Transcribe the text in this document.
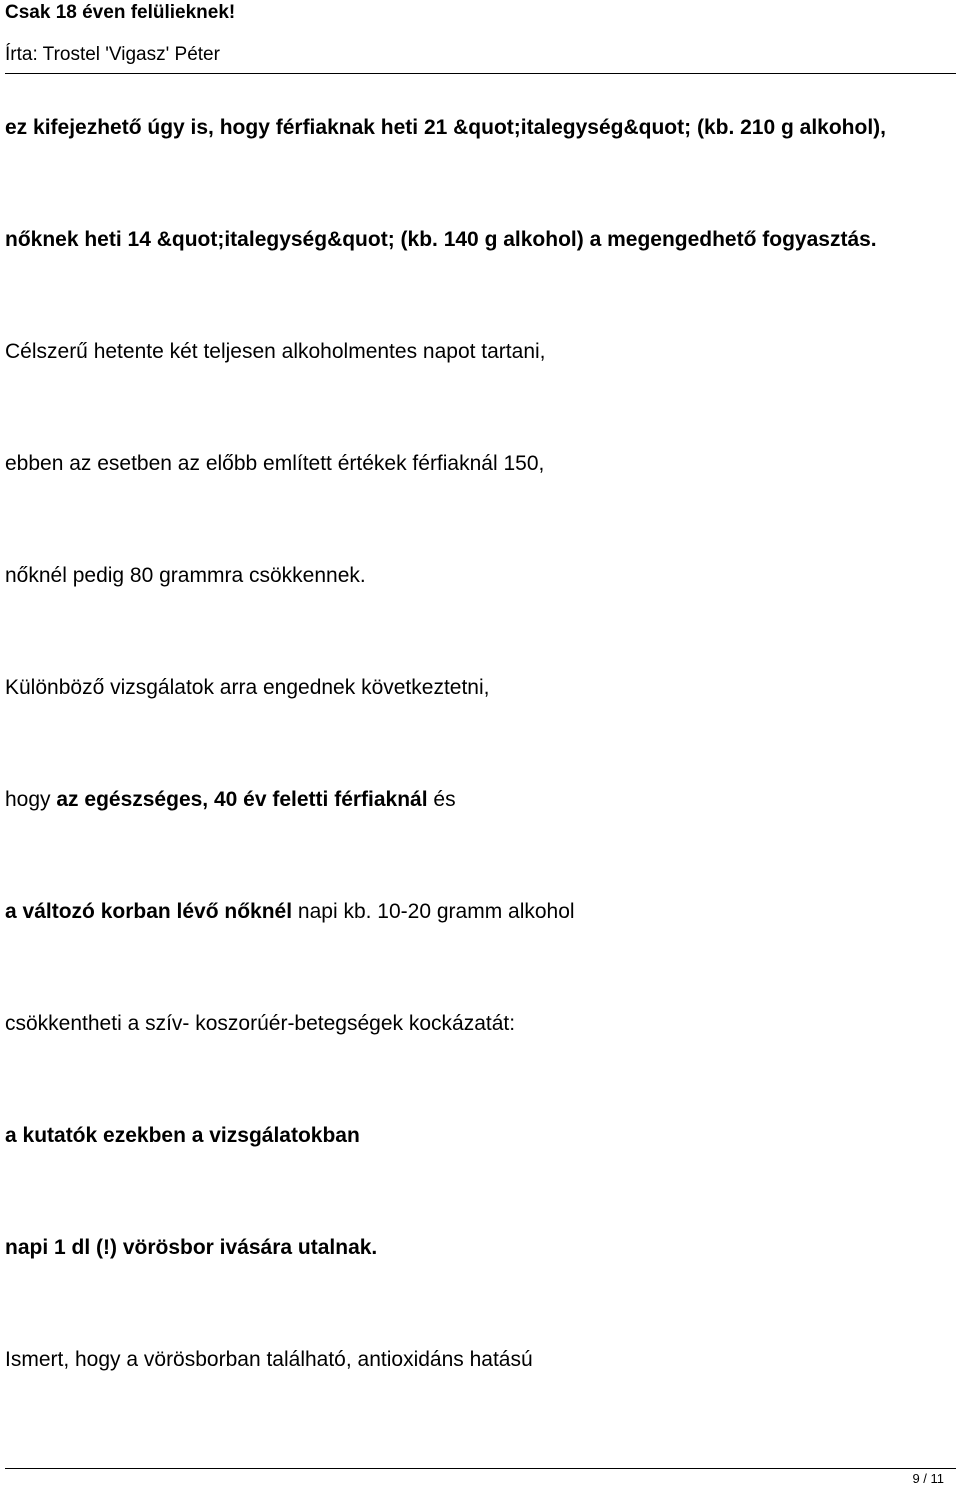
Csak 18 éven felülieknek!
Írta: Trostel 'Vigasz' Péter
ez kifejezhető úgy is, hogy férfiaknak heti 21 &quot;italegység&quot; (kb. 210 g alkohol),
nőknek heti 14 &quot;italegység&quot; (kb. 140 g alkohol) a megengedhető fogyasztás.
Célszerű hetente két teljesen alkoholmentes napot tartani,
ebben az esetben az előbb említett értékek férfiaknál 150,
nőknél pedig 80 grammra csökkennek.
Különböző vizsgálatok arra engednek következtetni,
hogy az egészséges, 40 év feletti férfiaknál és
a változó korban lévő nőknél napi kb. 10-20 gramm alkohol
csökkentheti a szív- koszorúér-betegségek kockázatát:
a kutatók ezekben a vizsgálatokban
napi 1 dl (!) vörösbor ivására utalnak.
Ismert, hogy a vörösborban található, antioxidáns hatású
9 / 11
